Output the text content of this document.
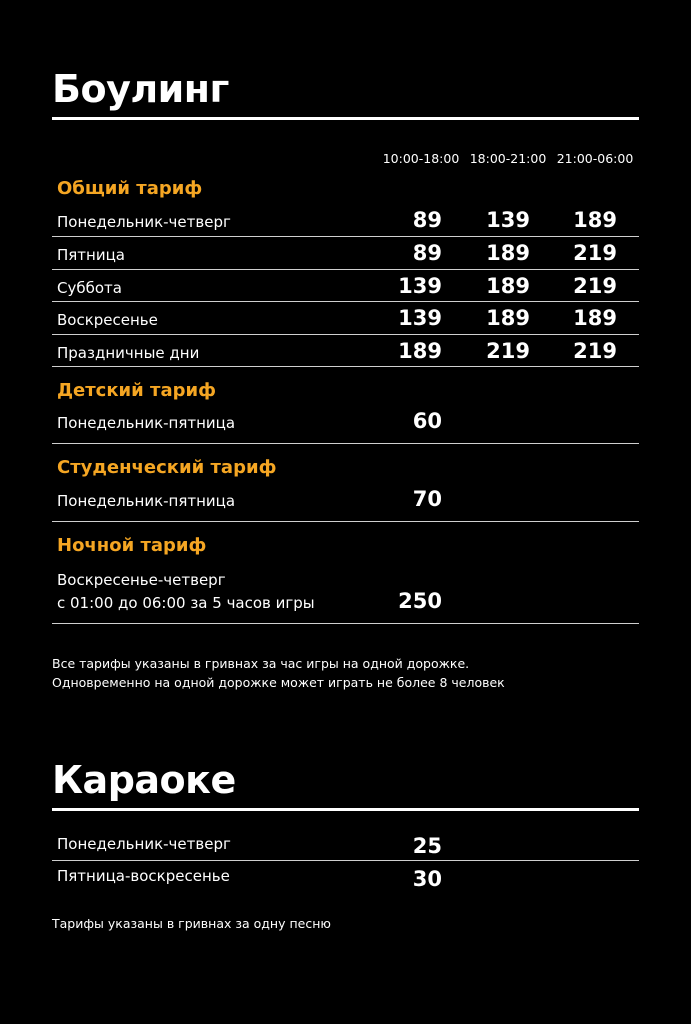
Боулинг
10:00-18:00 18:00-21:00 21:00-06:00
Общий тариф
Понедельник-четверг	89	139	189
Пятница	89	189	219
Суббота	139	189	219
Воскресенье	139	189	189
Праздничные дни	189	219	219
Детский тариф
Понедельник-пятница	60
Студенческий тариф
Понедельник-пятница	70
Ночной тариф
Воскресенье-четверг
с 01:00 до 06:00 за 5 часов игры	250
Все тарифы указаны в гривнах за час игры на одной дорожке.
Одновременно на одной дорожке может играть не более 8 человек
Караоке
Понедельник-четверг	25
Пятница-воскресенье	30
Тарифы указаны в гривнах за одну песню
